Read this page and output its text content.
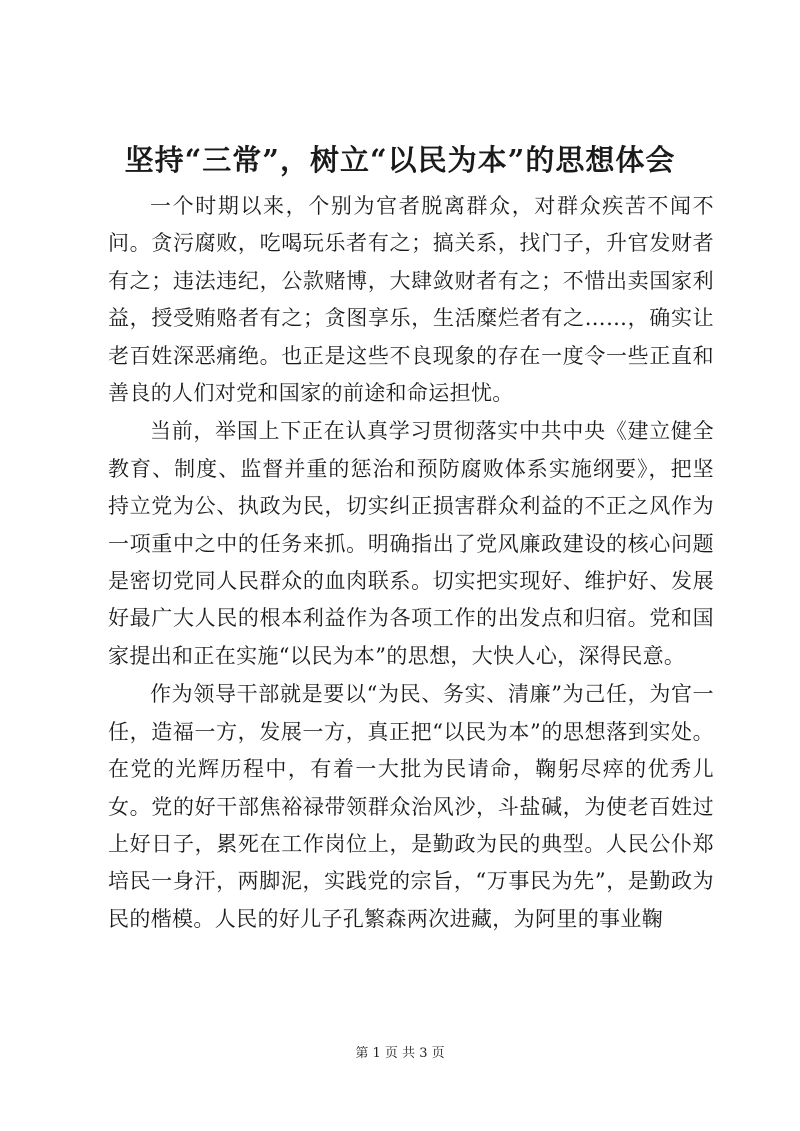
坚持“三常”，树立“以民为本”的思想体会

一个时期以来，个别为官者脱离群众，对群众疾苦不闻不问。贪污腐败，吃喝玩乐者有之；搞关系，找门子，升官发财者有之；违法违纪，公款赌博，大肆敛财者有之；不惜出卖国家利益，授受贿赂者有之；贪图享乐，生活糜烂者有之……，确实让老百姓深恶痛绝。也正是这些不良现象的存在一度令一些正直和善良的人们对党和国家的前途和命运担忧。

当前，举国上下正在认真学习贯彻落实中共中央《建立健全教育、制度、监督并重的惩治和预防腐败体系实施纲要》，把坚持立党为公、执政为民，切实纠正损害群众利益的不正之风作为一项重中之中的任务来抓。明确指出了党风廉政建设的核心问题是密切党同人民群众的血肉联系。切实把实现好、维护好、发展好最广大人民的根本利益作为各项工作的出发点和归宿。党和国家提出和正在实施“以民为本”的思想，大快人心，深得民意。

作为领导干部就是要以“为民、务实、清廉”为己任，为官一任，造福一方，发展一方，真正把“以民为本”的思想落到实处。在党的光辉历程中，有着一大批为民请命，鞠躬尽瘁的优秀儿女。党的好干部焦裕禄带领群众治风沙，斗盐碱，为使老百姓过上好日子，累死在工作岗位上，是勤政为民的典型。人民公仆郑培民一身汗，两脚泥，实践党的宗旨，“万事民为先”，是勤政为民的楷模。人民的好儿子孔繁森两次进藏，为阿里的事业鞠

第 1 页 共 3 页
